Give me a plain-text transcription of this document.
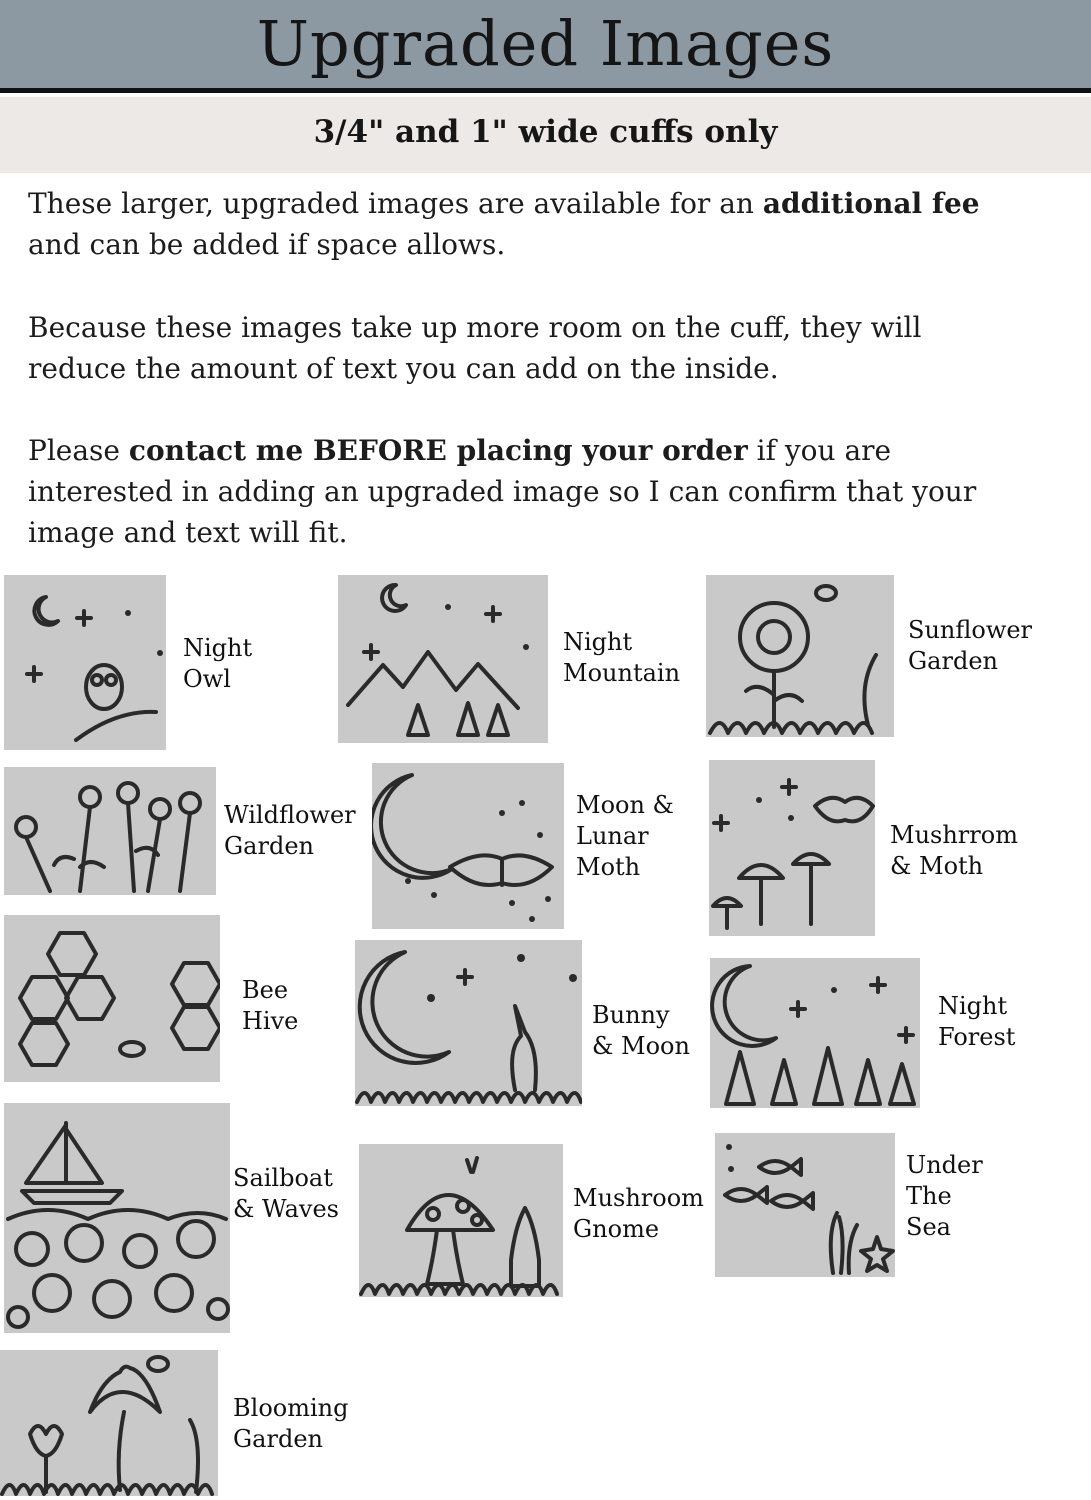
Upgraded Images
3/4" and 1" wide cuffs only

These larger, upgraded images are available for an additional fee and can be added if space allows.

Because these images take up more room on the cuff, they will reduce the amount of text you can add on the inside.

Please contact me BEFORE placing your order if you are interested in adding an upgraded image so I can confirm that your image and text will fit.

Night
Owl
Night
Mountain
Sunflower
Garden
Wildflower
Garden
Moon &
Lunar
Moth
Mushrrom
& Moth
Bee
Hive	Bunny
& Moon
Night
Forest
Sailboat
& Waves	Mushroom
Gnome
Under
The
Sea
Blooming
Garden
